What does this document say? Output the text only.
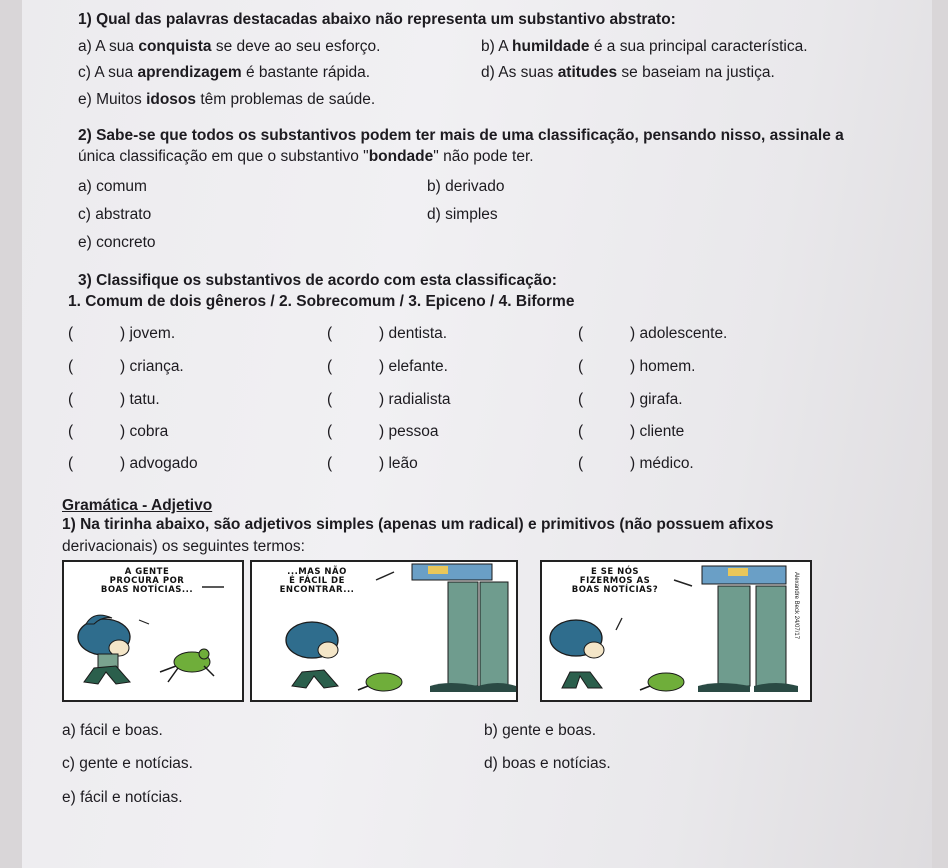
1) Qual das palavras destacadas abaixo não representa um substantivo abstrato:
a) A sua conquista se deve ao seu esforço.	b) A humildade é a sua principal característica.
c) A sua aprendizagem é bastante rápida.	d) As suas atitudes se baseiam na justiça.
e) Muitos idosos têm problemas de saúde.
2) Sabe-se que todos os substantivos podem ter mais de uma classificação, pensando nisso, assinale a
única classificação em que o substantivo "bondade" não pode ter.
a) comum	b) derivado
c) abstrato	d) simples
e) concreto
3) Classifique os substantivos de acordo com esta classificação:
1. Comum de dois gêneros / 2. Sobrecomum / 3. Epiceno / 4. Biforme
(	) jovem.	(	) dentista.	(	) adolescente.
(	) criança.	(	) elefante.	(	) homem.
(	) tatu.	(	) radialista	(	) girafa.
(	) cobra	(	) pessoa	(	) cliente
(	) advogado	(	) leão	(	) médico.
Gramática - Adjetivo
1) Na tirinha abaixo, são adjetivos simples (apenas um radical) e primitivos (não possuem afixos
derivacionais) os seguintes termos:
A GENTE
PROCURA POR
BOAS NOTÍCIAS...
...MAS NÃO
É FÁCIL DE
ENCONTRAR...
E SE NÓS
FIZERMOS AS
BOAS NOTÍCIAS?	Alexandre Beck 24/07/17
a) fácil e boas.	b) gente e boas.
c) gente e notícias.	d) boas e notícias.
e) fácil e notícias.
